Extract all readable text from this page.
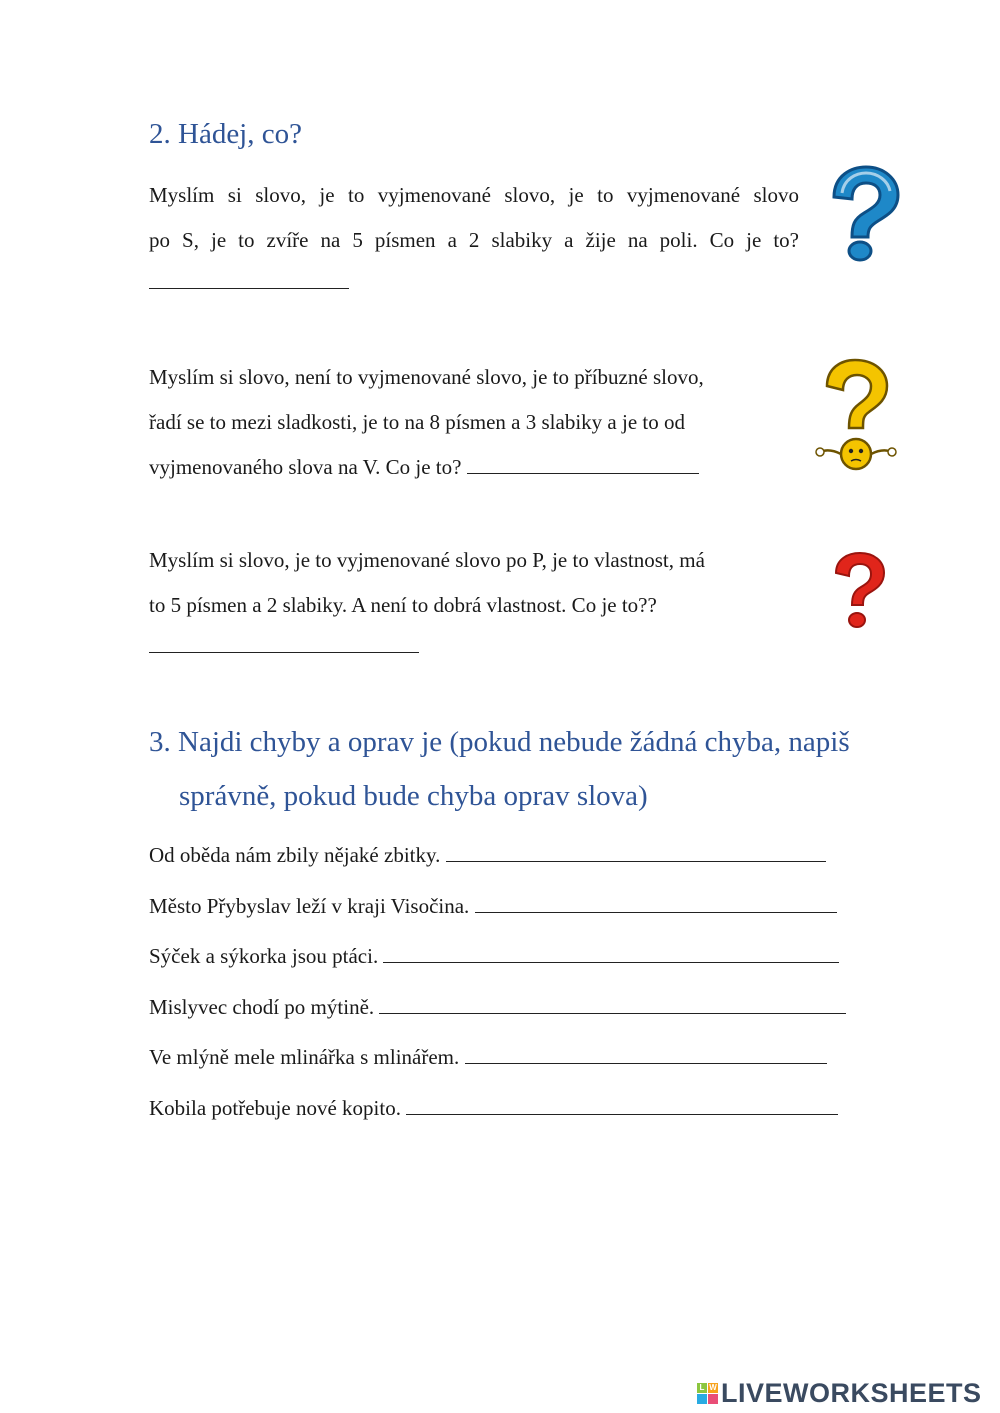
2. Hádej, co?
Myslím si slovo, je to vyjmenované slovo, je to vyjmenované slovo
po S, je to zvíře na 5 písmen a 2 slabiky a žije na poli. Co je to?
Myslím si slovo, není to vyjmenované slovo, je to příbuzné slovo,
řadí se to mezi sladkosti, je to na 8 písmen a 3 slabiky a je to od
vyjmenovaného slova na V. Co je to?
Myslím si slovo, je to vyjmenované slovo po P, je to vlastnost, má
to 5 písmen a 2 slabiky. A není to dobrá vlastnost. Co je to??
3. Najdi chyby a oprav je (pokud nebude žádná chyba, napiš
správně, pokud bude chyba oprav slova)
Od oběda nám zbily nějaké zbitky.
Město Přybyslav leží v kraji Visočina.
Sýček a sýkorka jsou ptáci.
Mislyvec chodí po mýtině.
Ve mlýně mele mlinářka s mlinářem.
Kobila potřebuje nové kopito.
L W LIVEWORKSHEETS
